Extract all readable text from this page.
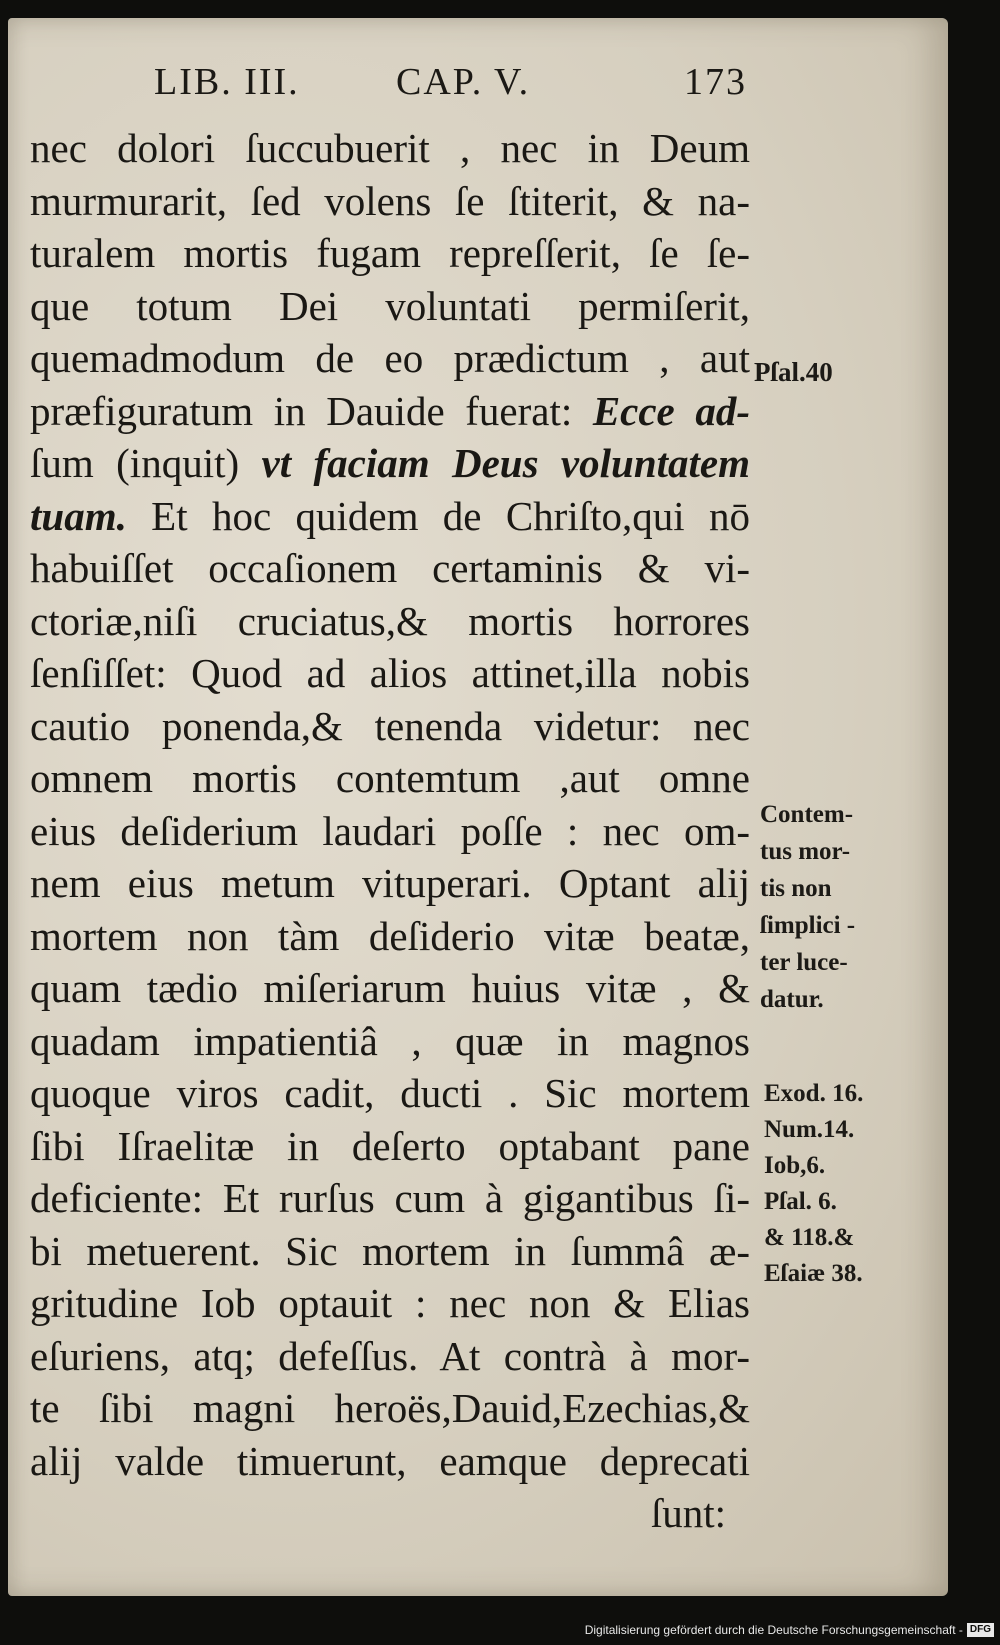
LIB. III.	CAP. V.	173
nec dolori ſuccubuerit , nec in Deum
murmurarit, ſed volens ſe ſtiterit, & na-
turalem mortis fugam repreſſerit, ſe ſe-
que totum Dei voluntati permiſerit,
quemadmodum de eo prædictum , aut
præfiguratum in Dauide fuerat: Ecce ad-
ſum (inquit) vt faciam Deus voluntatem
tuam. Et hoc quidem de Chriſto,qui nō
habuiſſet occaſionem certaminis & vi-
ctoriæ,niſi cruciatus,& mortis horrores
ſenſiſſet: Quod ad alios attinet,illa nobis
cautio ponenda,& tenenda videtur: nec
omnem mortis contemtum ,aut omne
eius deſiderium laudari poſſe : nec om-
nem eius metum vituperari. Optant alij
mortem non tàm deſiderio vitæ beatæ,
quam tædio miſeriarum huius vitæ , &
quadam impatientiâ , quæ in magnos
quoque viros cadit, ducti . Sic mortem
ſibi Iſraelitæ in deſerto optabant pane
deficiente: Et rurſus cum à gigantibus ſi-
bi metuerent. Sic mortem in ſummâ æ-
gritudine Iob optauit : nec non & Elias
eſuriens, atq; defeſſus. At contrà à mor-
te ſibi magni heroës,Dauid,Ezechias,&
alij valde timuerunt, eamque deprecati
ſunt:
Pſal.40
Contem-
tus mor-
tis non
ſimplici -
ter luce-
datur.
Exod. 16.
Num.14.
Iob,6.
Pſal. 6.
& 118.&
Eſaiæ 38.
Digitalisierung gefördert durch die Deutsche Forschungsgemeinschaft - DFG
